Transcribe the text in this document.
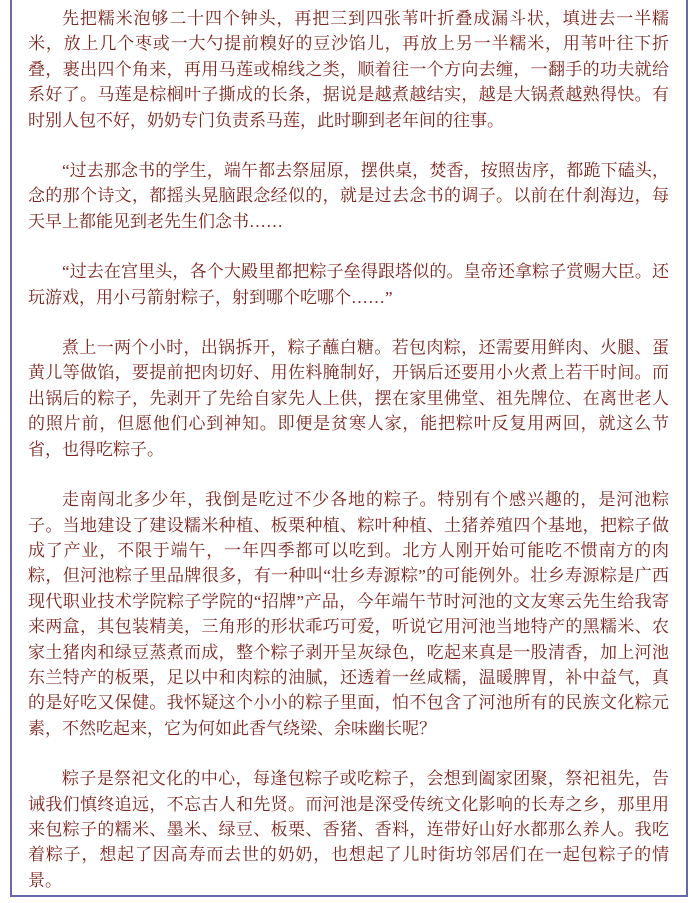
先把糯米泡够二十四个钟头，再把三到四张苇叶折叠成漏斗状，填进去一半糯米，放上几个枣或一大勺提前糗好的豆沙馅儿，再放上另一半糯米，用苇叶往下折叠，裹出四个角来，再用马莲或棉线之类，顺着往一个方向去缠，一翻手的功夫就给系好了。马莲是棕榈叶子撕成的长条，据说是越煮越结实，越是大锅煮越熟得快。有时别人包不好，奶奶专门负责系马莲，此时聊到老年间的往事。

“过去那念书的学生，端午都去祭屈原，摆供桌，焚香，按照齿序，都跪下磕头，念的那个诗文，都摇头晃脑跟念经似的，就是过去念书的调子。以前在什刹海边，每天早上都能见到老先生们念书……

“过去在宫里头，各个大殿里都把粽子垒得跟塔似的。皇帝还拿粽子赏赐大臣。还玩游戏，用小弓箭射粽子，射到哪个吃哪个……”

煮上一两个小时，出锅拆开，粽子蘸白糖。若包肉粽，还需要用鲜肉、火腿、蛋黄儿等做馅，要提前把肉切好、用佐料腌制好，开锅后还要用小火煮上若干时间。而出锅后的粽子，先剥开了先给自家先人上供，摆在家里佛堂、祖先牌位、在离世老人的照片前，但愿他们心到神知。即便是贫寒人家，能把粽叶反复用两回，就这么节省，也得吃粽子。

走南闯北多少年，我倒是吃过不少各地的粽子。特别有个感兴趣的，是河池粽子。当地建设了建设糯米种植、板栗种植、粽叶种植、土猪养殖四个基地，把粽子做成了产业，不限于端午，一年四季都可以吃到。北方人刚开始可能吃不惯南方的肉粽，但河池粽子里品牌很多，有一种叫“壮乡寿源粽”的可能例外。壮乡寿源粽是广西现代职业技术学院粽子学院的“招牌”产品，今年端午节时河池的文友寒云先生给我寄来两盒，其包装精美，三角形的形状乖巧可爱，听说它用河池当地特产的黑糯米、农家土猪肉和绿豆蒸煮而成，整个粽子剥开呈灰绿色，吃起来真是一股清香，加上河池东兰特产的板栗，足以中和肉粽的油腻，还透着一丝咸糯，温暖脾胃，补中益气，真的是好吃又保健。我怀疑这个小小的粽子里面，怕不包含了河池所有的民族文化粽元素，不然吃起来，它为何如此香气绕梁、余味幽长呢？

粽子是祭祀文化的中心，每逢包粽子或吃粽子，会想到阖家团聚，祭祀祖先，告诫我们慎终追远，不忘古人和先贤。而河池是深受传统文化影响的长寿之乡，那里用来包粽子的糯米、墨米、绿豆、板栗、香猪、香料，连带好山好水都那么养人。我吃着粽子，想起了因高寿而去世的奶奶，也想起了儿时街坊邻居们在一起包粽子的情景。
